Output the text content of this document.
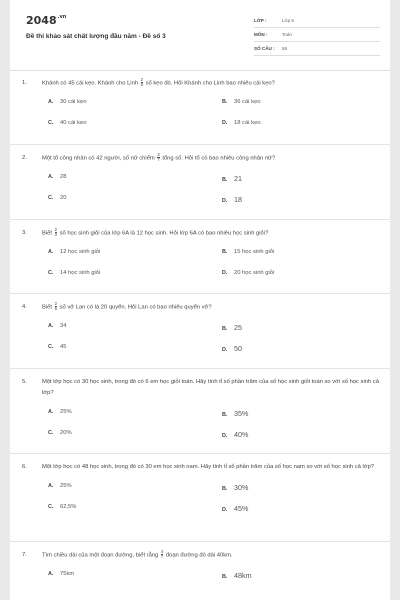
$2048^{.vn}$
Đề thi khảo sát chất lượng đầu năm - Đề số 3
LỚP :	Lớp 6
MÔN :	Toán
SỐ CÂU :	58
1.	Khánh có 45 cái kẹo. Khánh cho Linh $\frac{2}{5}$ số kẹo đó. Hỏi Khánh cho Linh bao nhiêu cái kẹo?
A.	30 cái kẹo	B.	36 cái kẹo
C.	40 cái kẹo	D.	18 cái kẹo.
2.	Một tổ công nhân có 42 người, số nữ chiếm $\frac{3}{7}$ tổng số. Hỏi tổ có bao nhiêu công nhân nữ?
A.	28	B. 21
C.	20	D. 18
3.	Biết $\frac{2}{3}$ số học sinh giỏi của lớp 6A là 12 học sinh. Hỏi lớp 6A có bao nhiêu học sinh giỏi?
A.	12 học sinh giỏi	B.	15 học sinh giỏi
C.	14 học sinh giỏi	D.	20 học sinh giỏi
4.	Biết $\frac{2}{5}$ số vở Lan có là 20 quyển. Hỏi Lan có bao nhiêu quyển vở?
A.	34	B. 25
C.	45	D. 50
5.	Một lớp học có 30 học sinh, trong đó có 6 em học giỏi toán. Hãy tính tỉ số phần trăm của số học sinh giỏi toán so với số học sinh cả lớp?
A.	25%	B. 35%
C.	20%	D. 40%
6.	Một lớp học có 48 học sinh, trong đó có 30 em học sinh nam. Hãy tính tỉ số phần trăm của số học nam so với số học sinh cả lớp?
A.	25%	B. 30%
C.	62,5%	D. 45%
7.	Tìm chiều dài của một đoạn đường, biết rằng $\frac{4}{7}$ đoạn đường đó dài 40km.
A.	75km	B. 48km
